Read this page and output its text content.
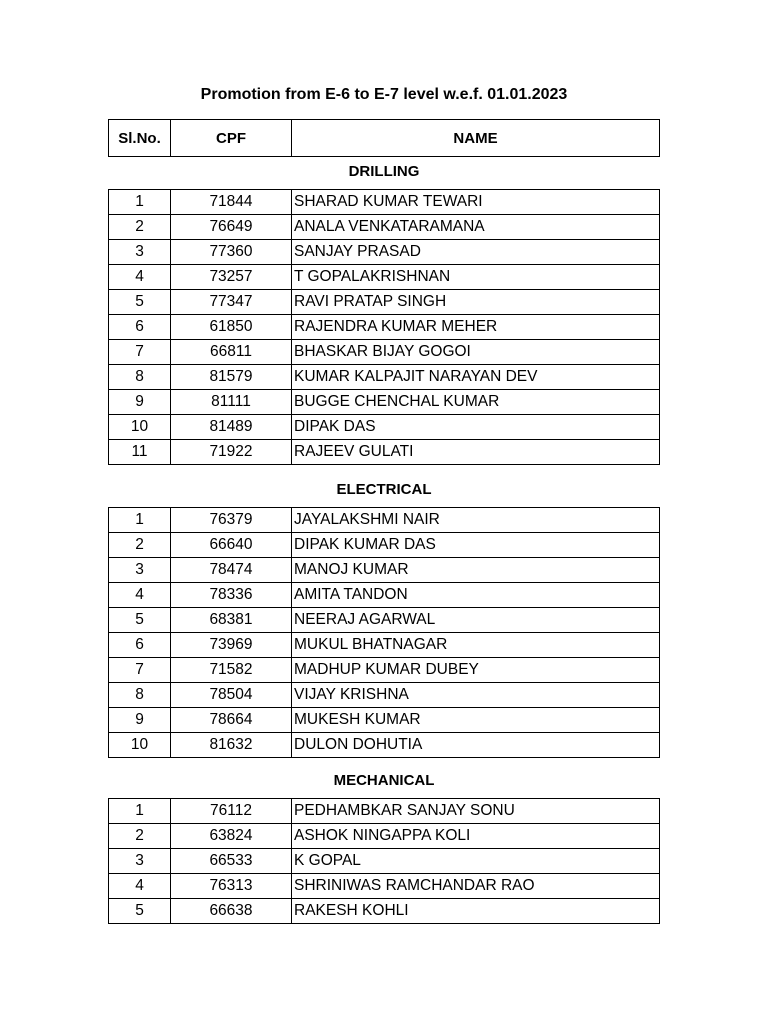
Promotion from E-6 to E-7 level w.e.f. 01.01.2023
Sl.No.	CPF	NAME
DRILLING
1	71844	SHARAD KUMAR TEWARI
2	76649	ANALA VENKATARAMANA
3	77360	SANJAY PRASAD
4	73257	T GOPALAKRISHNAN
5	77347	RAVI PRATAP SINGH
6	61850	RAJENDRA KUMAR MEHER
7	66811	BHASKAR BIJAY GOGOI
8	81579	KUMAR KALPAJIT NARAYAN DEV
9	81111	BUGGE CHENCHAL KUMAR
10	81489	DIPAK DAS
11	71922	RAJEEV GULATI
ELECTRICAL
1	76379	JAYALAKSHMI NAIR
2	66640	DIPAK KUMAR DAS
3	78474	MANOJ KUMAR
4	78336	AMITA TANDON
5	68381	NEERAJ AGARWAL
6	73969	MUKUL BHATNAGAR
7	71582	MADHUP KUMAR DUBEY
8	78504	VIJAY KRISHNA
9	78664	MUKESH KUMAR
10	81632	DULON DOHUTIA
MECHANICAL
1	76112	PEDHAMBKAR SANJAY SONU
2	63824	ASHOK NINGAPPA KOLI
3	66533	K GOPAL
4	76313	SHRINIWAS RAMCHANDAR RAO
5	66638	RAKESH KOHLI
